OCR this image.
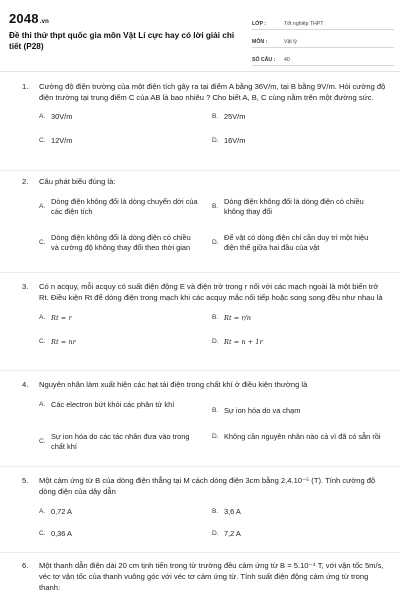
2048.vn
Đề thi thử thpt quốc gia môn Vật Lí cực hay có lời giải chi tiết (P28)
LỚP :	Tốt nghiệp THPT
MÔN :	Vật lý
SỐ CÂU :	40
1. Cường độ điện trường của một điện tích gây ra tại điểm A bằng 36V/m, tại B bằng 9V/m. Hỏi cường độ điện trường tại trung điểm C của AB là bao nhiêu ? Cho biết A, B, C cùng nằm trên một đường sức.
A. 30V/m	B. 25V/m
C. 12V/m	D. 16V/m
2. Câu phát biểu đúng là:
A.
Dòng điện không đổi là dòng chuyển dời của các điện tích
B.
Dòng điện không đổi là dòng điện có chiều không thay đổi
C.
Dòng điện không đổi là dòng điện có chiều và cường độ không thay đổi theo thời gian
D.
Để vật có dòng điện chỉ cần duy trì một hiệu điện thế giữa hai đầu của vật
3. Có n acquy, mỗi acquy có suất điện động E và điện trở trong r nối với các mạch ngoài là một biến trở Rt. Điều kiện Rt để dòng điện trong mạch khi các acquy mắc nối tiếp hoặc song song đều như nhau là
A. Rt = r	B. Rt = r/n
C. Rt = nr	D. Rt = n + 1r
4. Nguyên nhân làm xuất hiện các hạt tải điện trong chất khí ở điều kiện thường là
A. Các electron bứt khỏi các phân tử khí
B. Sự ion hóa do va chạm
C.
Sự ion hóa do các tác nhân đưa vào trong chất khí
D. Không cần nguyên nhân nào cả vì đã có sẵn rồi
5. Một cảm ứng từ B của dòng điện thẳng tại M cách dòng điện 3cm bằng 2,4.10⁻⁵ (T). Tính cường độ dòng điện của dây dẫn
A. 0,72 A	B. 3,6 A
C. 0,36 A	D. 7,2 A
6. Một thanh dẫn điện dài 20 cm tịnh tiến trong từ trường đều cảm ứng từ B = 5.10⁻⁴ T, với vận tốc 5m/s, véc tơ vận tốc của thanh vuông góc với véc tơ cảm ứng từ. Tính suất điện động cảm ứng từ trong thanh:
